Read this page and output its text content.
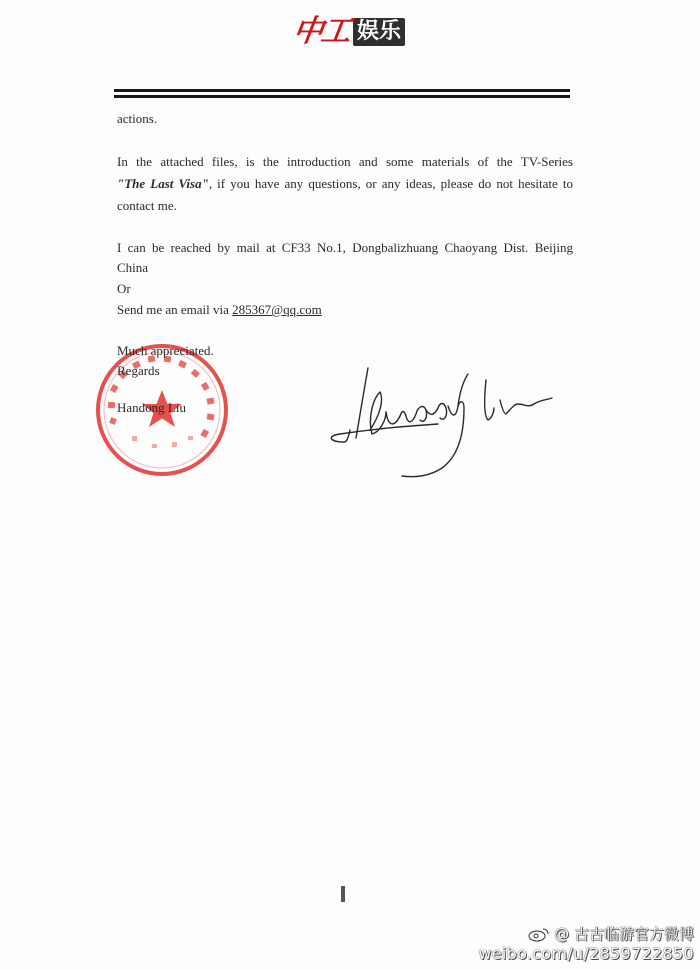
中工 娱乐
actions.
In the attached files, is the introduction and some materials of the TV-Series
"The Last Visa", if you have any questions, or any ideas, please do not hesitate to
contact me.
I can be reached by mail at CF33 No.1, Dongbalizhuang Chaoyang Dist. Beijing
China
Or
Send me an email via 285367@qq.com
Much appreciated.
Regards
Handong Liu
@ 古古临游官方微博
weibo.com/u/2859722850
